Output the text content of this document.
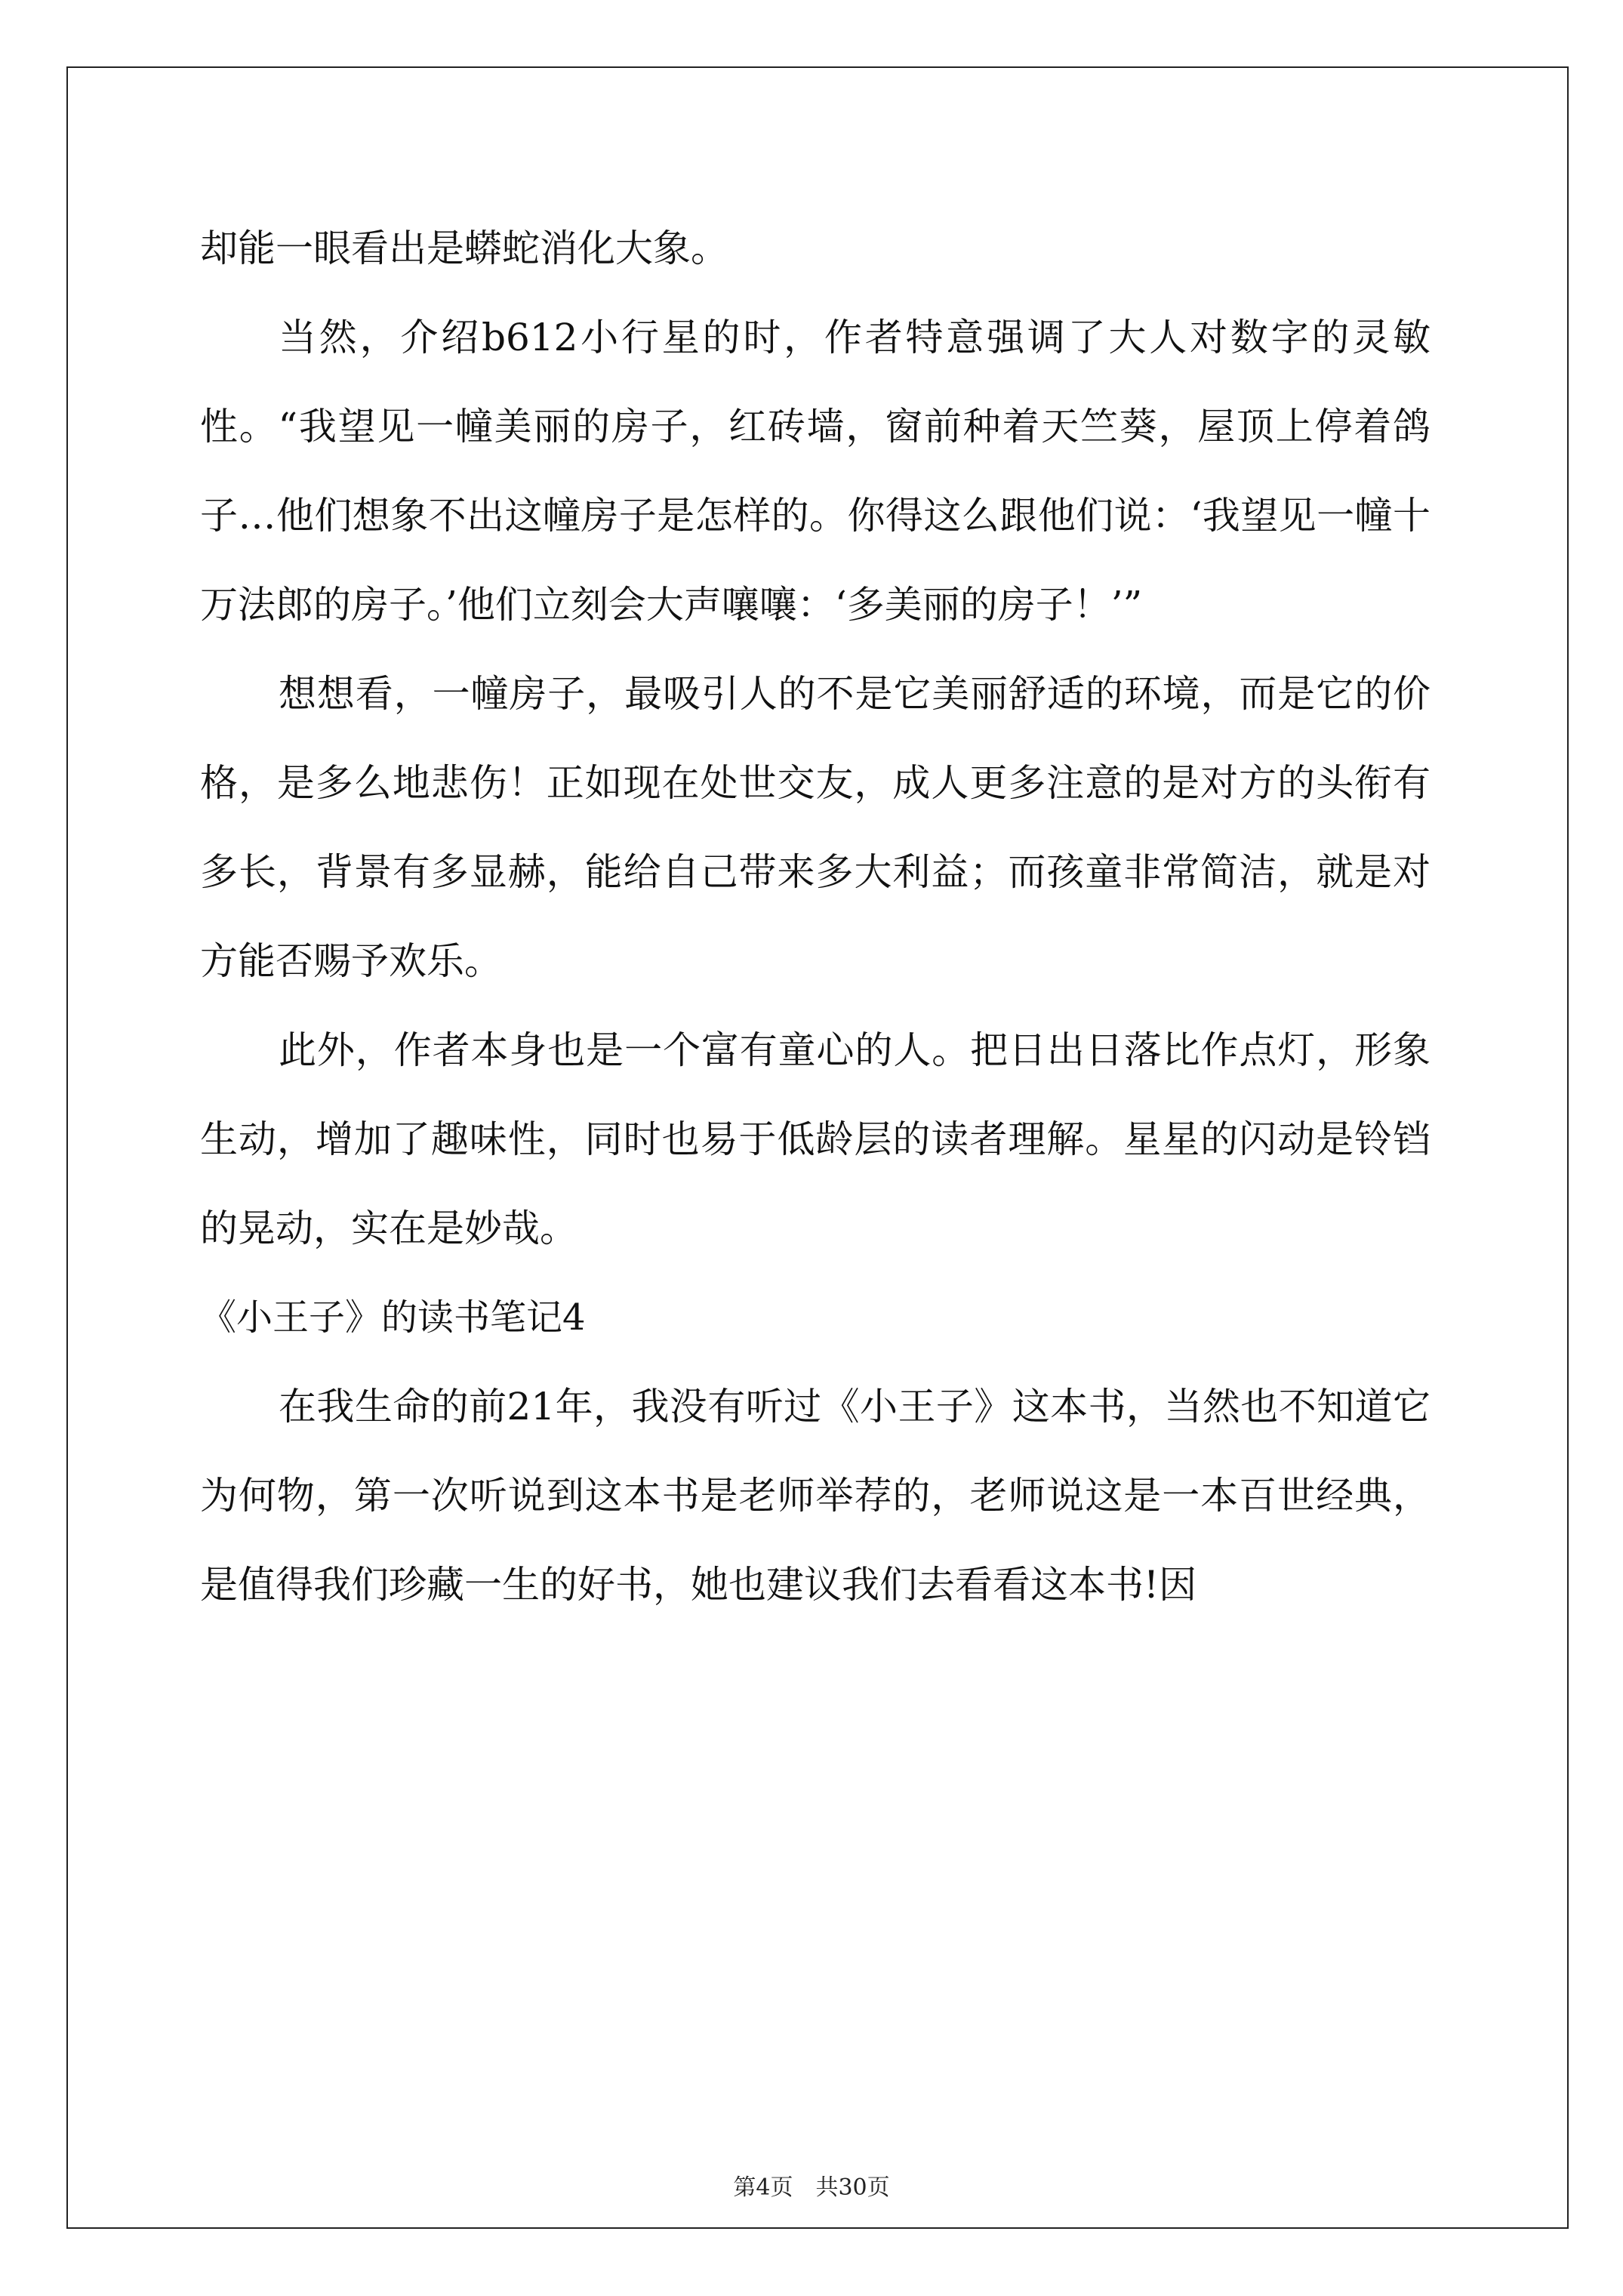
却能一眼看出是蟒蛇消化大象。

当然，介绍b612小行星的时，作者特意强调了大人对数字的灵敏性。“我望见一幢美丽的房子，红砖墙，窗前种着天竺葵，屋顶上停着鸽子…他们想象不出这幢房子是怎样的。你得这么跟他们说：‘我望见一幢十万法郎的房子。’他们立刻会大声嚷嚷：‘多美丽的房子！’”

想想看，一幢房子，最吸引人的不是它美丽舒适的环境，而是它的价格，是多么地悲伤！正如现在处世交友，成人更多注意的是对方的头衔有多长，背景有多显赫，能给自己带来多大利益；而孩童非常简洁，就是对方能否赐予欢乐。

此外，作者本身也是一个富有童心的人。把日出日落比作点灯，形象生动，增加了趣味性，同时也易于低龄层的读者理解。星星的闪动是铃铛的晃动，实在是妙哉。

《小王子》的读书笔记4

在我生命的前21年，我没有听过《小王子》这本书，当然也不知道它为何物，第一次听说到这本书是老师举荐的，老师说这是一本百世经典，是值得我们珍藏一生的好书，她也建议我们去看看这本书!因

第4页　共30页
